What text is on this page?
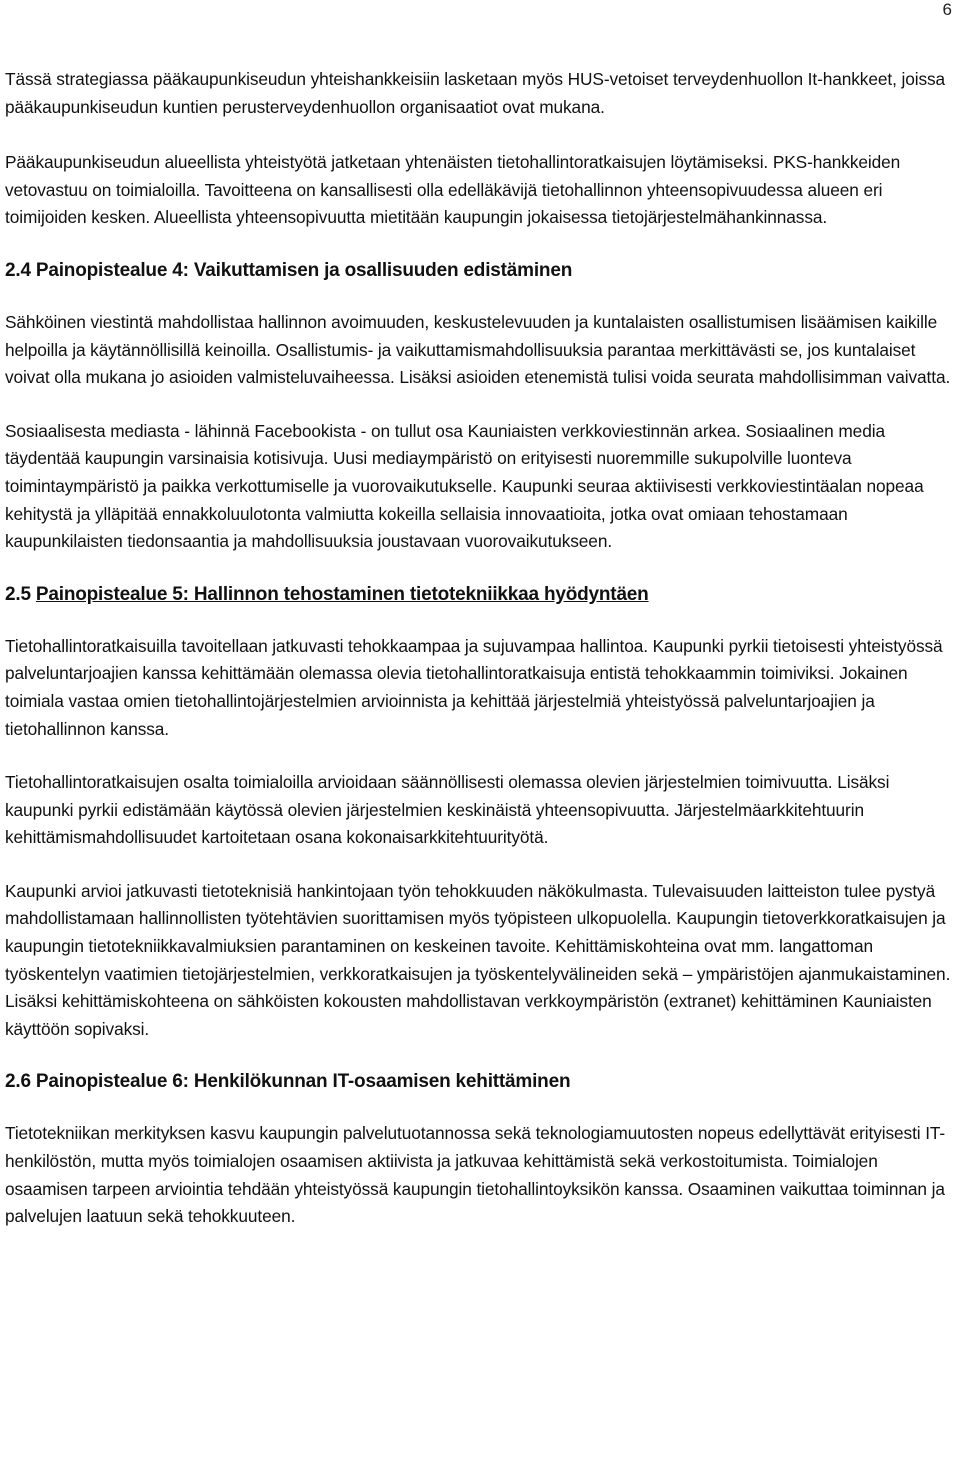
6

Tässä strategiassa pääkaupunkiseudun yhteishankkeisiin lasketaan myös HUS-vetoiset terveydenhuollon It-hankkeet, joissa pääkaupunkiseudun kuntien perusterveydenhuollon organisaatiot ovat mukana.

Pääkaupunkiseudun alueellista yhteistyötä jatketaan yhtenäisten tietohallintoratkaisujen löytämiseksi. PKS-hankkeiden vetovastuu on toimialoilla. Tavoitteena on kansallisesti olla edelläkävijä tietohallinnon yhteensopivuudessa alueen eri toimijoiden kesken. Alueellista yhteensopivuutta mietitään kaupungin jokaisessa tietojärjestelmähankinnassa.

2.4 Painopistealue 4: Vaikuttamisen ja osallisuuden edistäminen

Sähköinen viestintä mahdollistaa hallinnon avoimuuden, keskustelevuuden ja kuntalaisten osallistumisen lisäämisen kaikille helpoilla ja käytännöllisillä keinoilla. Osallistumis- ja vaikuttamismahdollisuuksia parantaa merkittävästi se, jos kuntalaiset voivat olla mukana jo asioiden valmisteluvaiheessa. Lisäksi asioiden etenemistä tulisi voida seurata mahdollisimman vaivatta.

Sosiaalisesta mediasta - lähinnä Facebookista - on tullut osa Kauniaisten verkkoviestinnän arkea. Sosiaalinen media täydentää kaupungin varsinaisia kotisivuja. Uusi mediaympäristö on erityisesti nuoremmille sukupolville luonteva toimintaympäristö ja paikka verkottumiselle ja vuorovaikutukselle. Kaupunki seuraa aktiivisesti verkkoviestintäalan nopeaa kehitystä ja ylläpitää ennakkoluulotonta valmiutta kokeilla sellaisia innovaatioita, jotka ovat omiaan tehostamaan kaupunkilaisten tiedonsaantia ja mahdollisuuksia joustavaan vuorovaikutukseen.

2.5 Painopistealue 5: Hallinnon tehostaminen tietotekniikkaa hyödyntäen

Tietohallintoratkaisuilla tavoitellaan jatkuvasti tehokkaampaa ja sujuvampaa hallintoa. Kaupunki pyrkii tietoisesti yhteistyössä palveluntarjoajien kanssa kehittämään olemassa olevia tietohallintoratkaisuja entistä tehokkaammin toimiviksi. Jokainen toimiala vastaa omien tietohallintojärjestelmien arvioinnista ja kehittää järjestelmiä yhteistyössä palveluntarjoajien ja tietohallinnon kanssa.

Tietohallintoratkaisujen osalta toimialoilla arvioidaan säännöllisesti olemassa olevien järjestelmien toimivuutta. Lisäksi kaupunki pyrkii edistämään käytössä olevien järjestelmien keskinäistä yhteensopivuutta. Järjestelmäarkkitehtuurin kehittämismahdollisuudet kartoitetaan osana kokonaisarkkitehtuurityötä.

Kaupunki arvioi jatkuvasti tietoteknisiä hankintojaan työn tehokkuuden näkökulmasta. Tulevaisuuden laitteiston tulee pystyä mahdollistamaan hallinnollisten työtehtävien suorittamisen myös työpisteen ulkopuolella. Kaupungin tietoverkkoratkaisujen ja kaupungin tietotekniikkavalmiuksien parantaminen on keskeinen tavoite. Kehittämiskohteina ovat mm. langattoman työskentelyn vaatimien tietojärjestelmien, verkkoratkaisujen ja työskentelyvälineiden sekä – ympäristöjen ajanmukaistaminen. Lisäksi kehittämiskohteena on sähköisten kokousten mahdollistavan verkkoympäristön (extranet) kehittäminen Kauniaisten käyttöön sopivaksi.

2.6 Painopistealue 6: Henkilökunnan IT-osaamisen kehittäminen

Tietotekniikan merkityksen kasvu kaupungin palvelutuotannossa sekä teknologiamuutosten nopeus edellyttävät erityisesti IT-henkilöstön, mutta myös toimialojen osaamisen aktiivista ja jatkuvaa kehittämistä sekä verkostoitumista. Toimialojen osaamisen tarpeen arviointia tehdään yhteistyössä kaupungin tietohallintoyksikön kanssa. Osaaminen vaikuttaa toiminnan ja palvelujen laatuun sekä tehokkuuteen.
